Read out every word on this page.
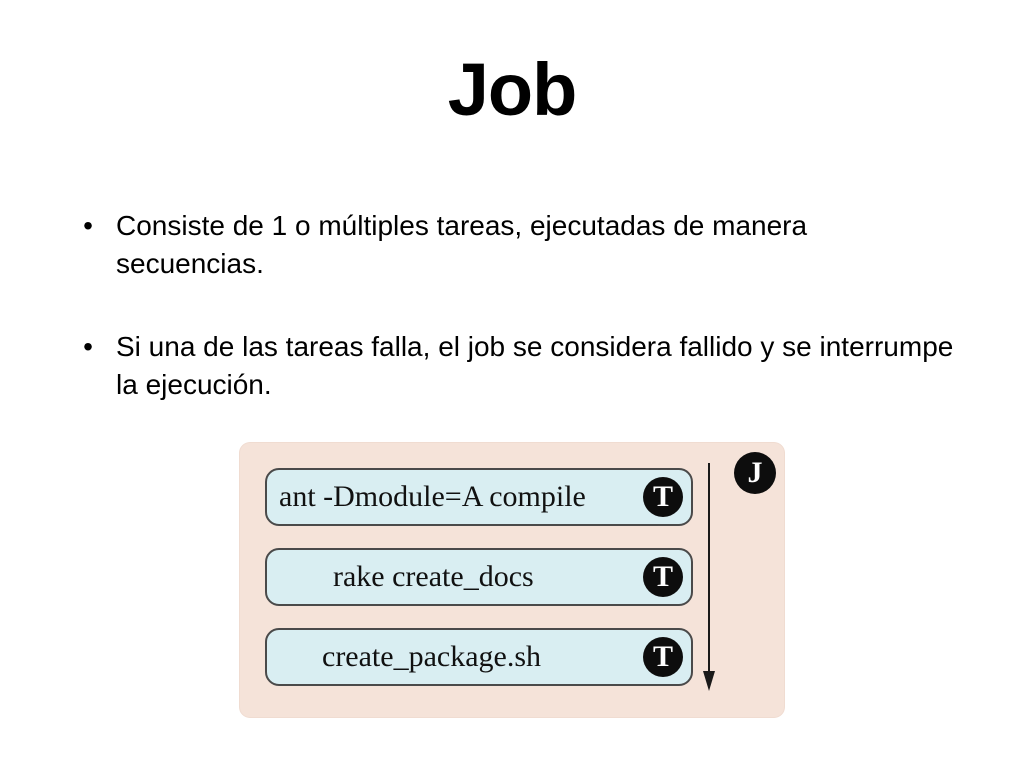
Job
• Consiste de 1 o múltiples tareas, ejecutadas de manera secuencias.
• Si una de las tareas falla, el job se considera fallido y se interrumpe la ejecución.
J
ant -Dmodule=A compile	T
rake create_docs	T
create_package.sh	T
